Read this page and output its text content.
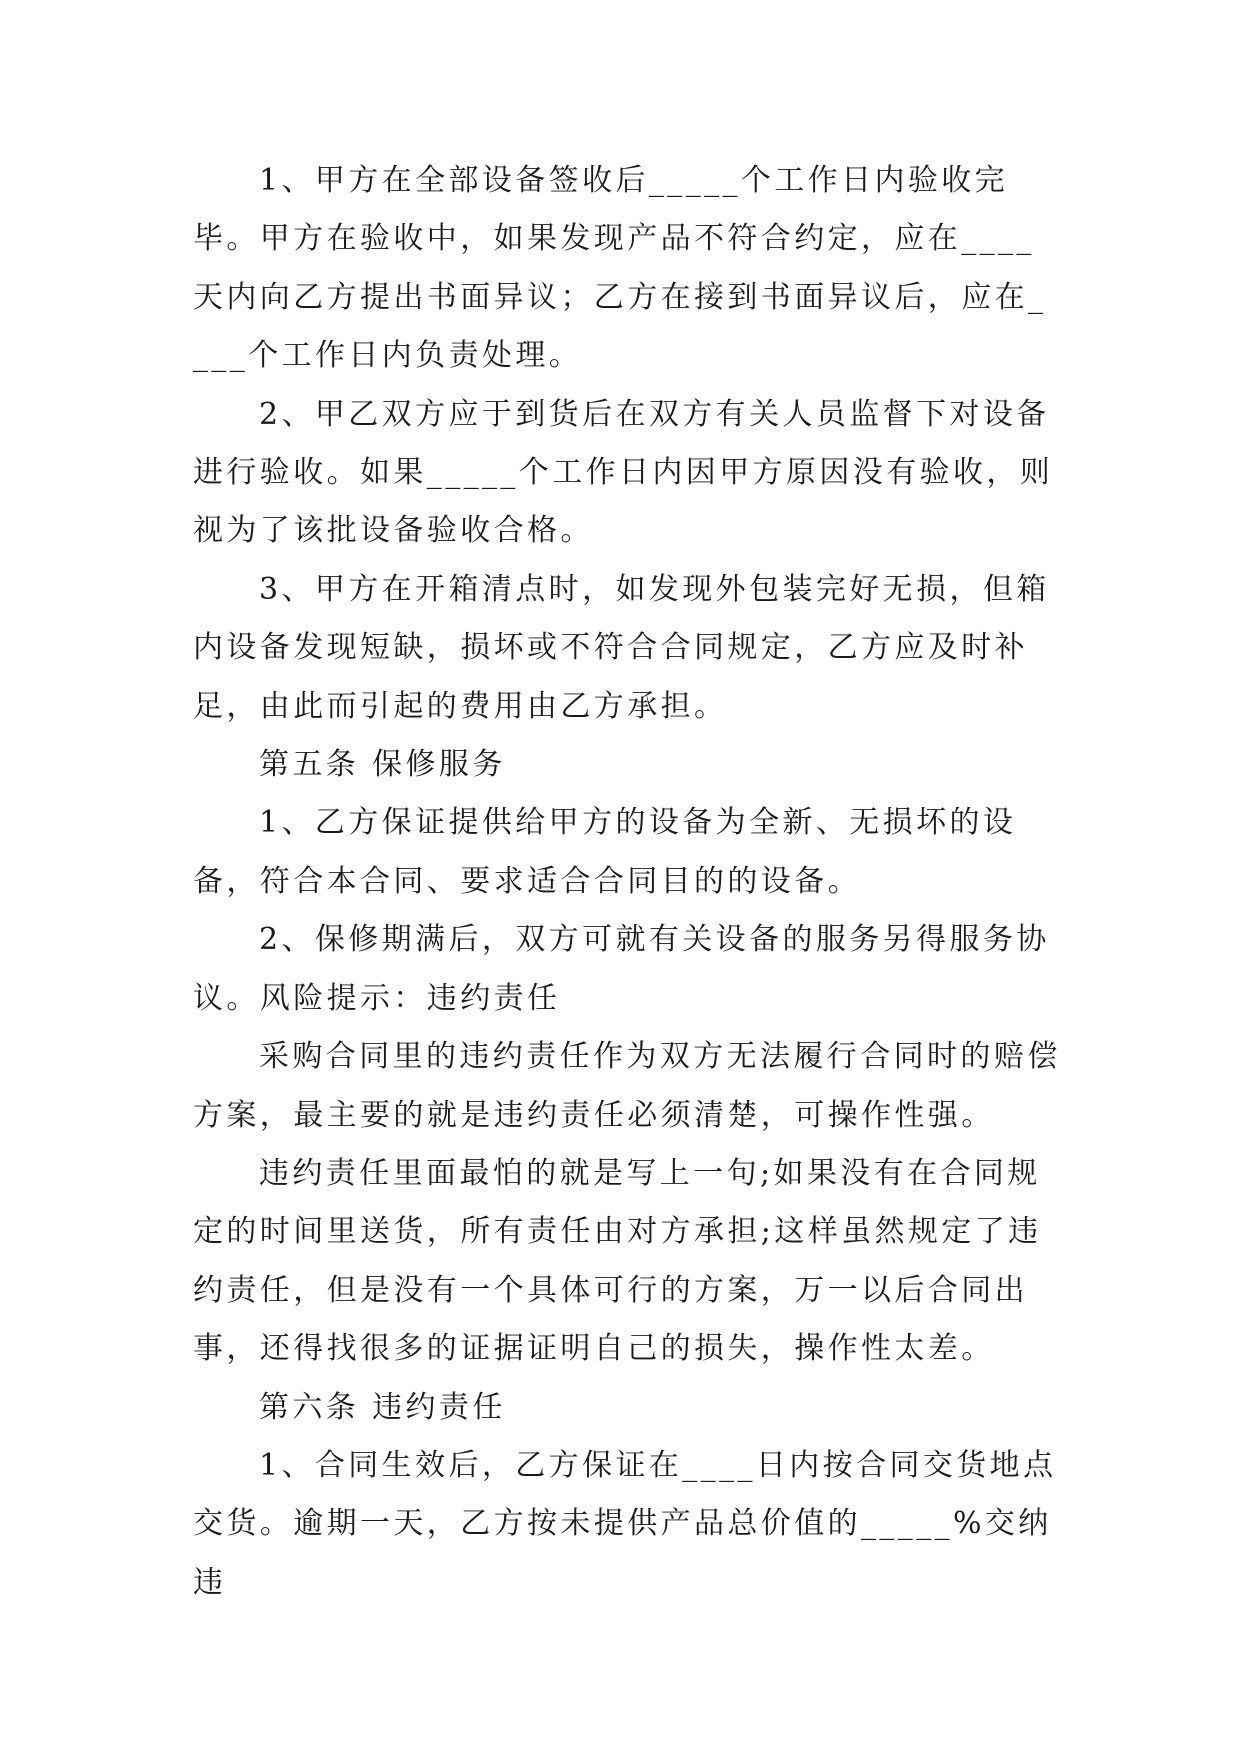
1、甲方在全部设备签收后_____个工作日内验收完毕。甲方在验收中，如果发现产品不符合约定，应在____天内向乙方提出书面异议；乙方在接到书面异议后，应在____个工作日内负责处理。

2、甲乙双方应于到货后在双方有关人员监督下对设备进行验收。如果_____个工作日内因甲方原因没有验收，则视为了该批设备验收合格。

3、甲方在开箱清点时，如发现外包装完好无损，但箱内设备发现短缺，损坏或不符合合同规定，乙方应及时补足，由此而引起的费用由乙方承担。

第五条 保修服务

1、乙方保证提供给甲方的设备为全新、无损坏的设备，符合本合同、要求适合合同目的的设备。

2、保修期满后，双方可就有关设备的服务另得服务协议。风险提示：违约责任

采购合同里的违约责任作为双方无法履行合同时的赔偿方案，最主要的就是违约责任必须清楚，可操作性强。

违约责任里面最怕的就是写上一句;如果没有在合同规定的时间里送货，所有责任由对方承担;这样虽然规定了违约责任，但是没有一个具体可行的方案，万一以后合同出事，还得找很多的证据证明自己的损失，操作性太差。

第六条 违约责任

1、合同生效后，乙方保证在____日内按合同交货地点交货。逾期一天，乙方按未提供产品总价值的_____%交纳违
